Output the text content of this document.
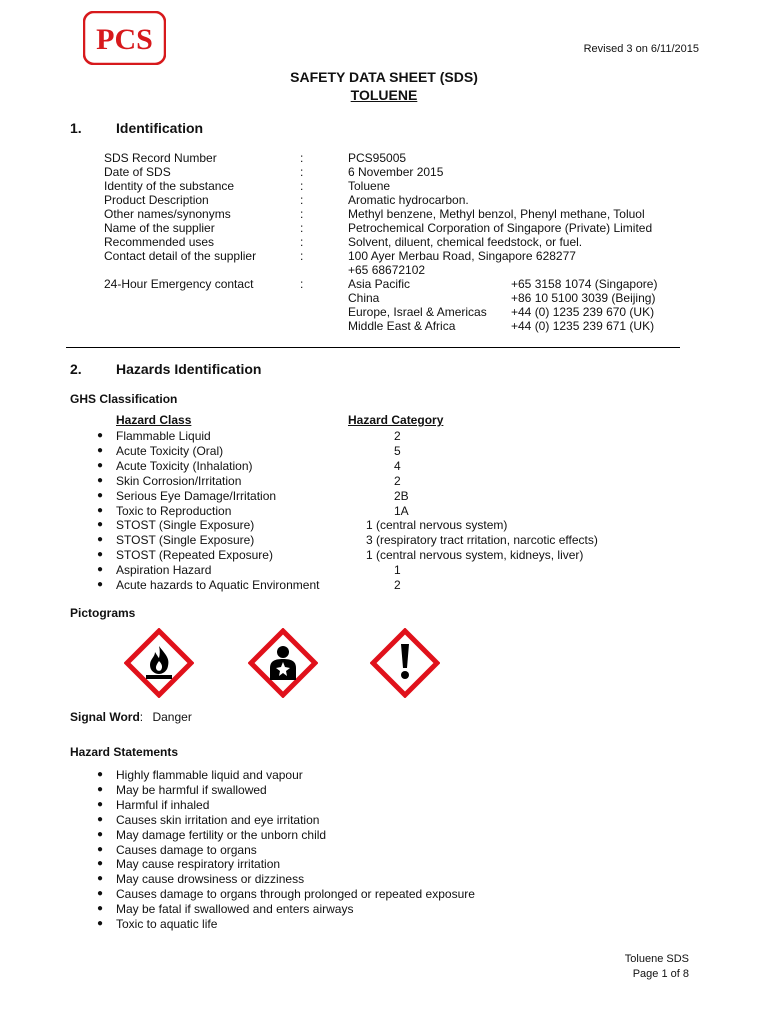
PCS	Revised 3 on 6/11/2015
SAFETY DATA SHEET (SDS)
TOLUENE
1. Identification
SDS Record Number	:	PCS95005
Date of SDS	:	6 November 2015
Identity of the substance	:	Toluene
Product Description	:	Aromatic hydrocarbon.
Other names/synonyms	:	Methyl benzene, Methyl benzol, Phenyl methane, Toluol
Name of the supplier	:	Petrochemical Corporation of Singapore (Private) Limited
Recommended uses	:	Solvent, diluent, chemical feedstock, or fuel.
Contact detail of the supplier	:	100 Ayer Merbau Road, Singapore 628277
+65 68672102
24-Hour Emergency contact	:	Asia Pacific	+65 3158 1074 (Singapore)
China	+86 10 5100 3039 (Beijing)
Europe, Israel & Americas +44 (0) 1235 239 670 (UK)
Middle East & Africa	+44 (0) 1235 239 671 (UK)
2. Hazards Identification
GHS Classification
Hazard Class	Hazard Category
● Flammable Liquid	2
● Acute Toxicity (Oral)	5
● Acute Toxicity (Inhalation)	4
● Skin Corrosion/Irritation	2
● Serious Eye Damage/Irritation	2B
● Toxic to Reproduction	1A
● STOST (Single Exposure)	1 (central nervous system)
● STOST (Single Exposure)	3 (respiratory tract rritation, narcotic effects)
● STOST (Repeated Exposure)	1 (central nervous system, kidneys, liver)
● Aspiration Hazard	1
● Acute hazards to Aquatic Environment	2
Pictograms
Signal Word: Danger
Hazard Statements
● Highly flammable liquid and vapour
● May be harmful if swallowed
● Harmful if inhaled
● Causes skin irritation and eye irritation
● May damage fertility or the unborn child
● Causes damage to organs
● May cause respiratory irritation
● May cause drowsiness or dizziness
● Causes damage to organs through prolonged or repeated exposure
● May be fatal if swallowed and enters airways
● Toxic to aquatic life
Toluene SDS
Page 1 of 8
